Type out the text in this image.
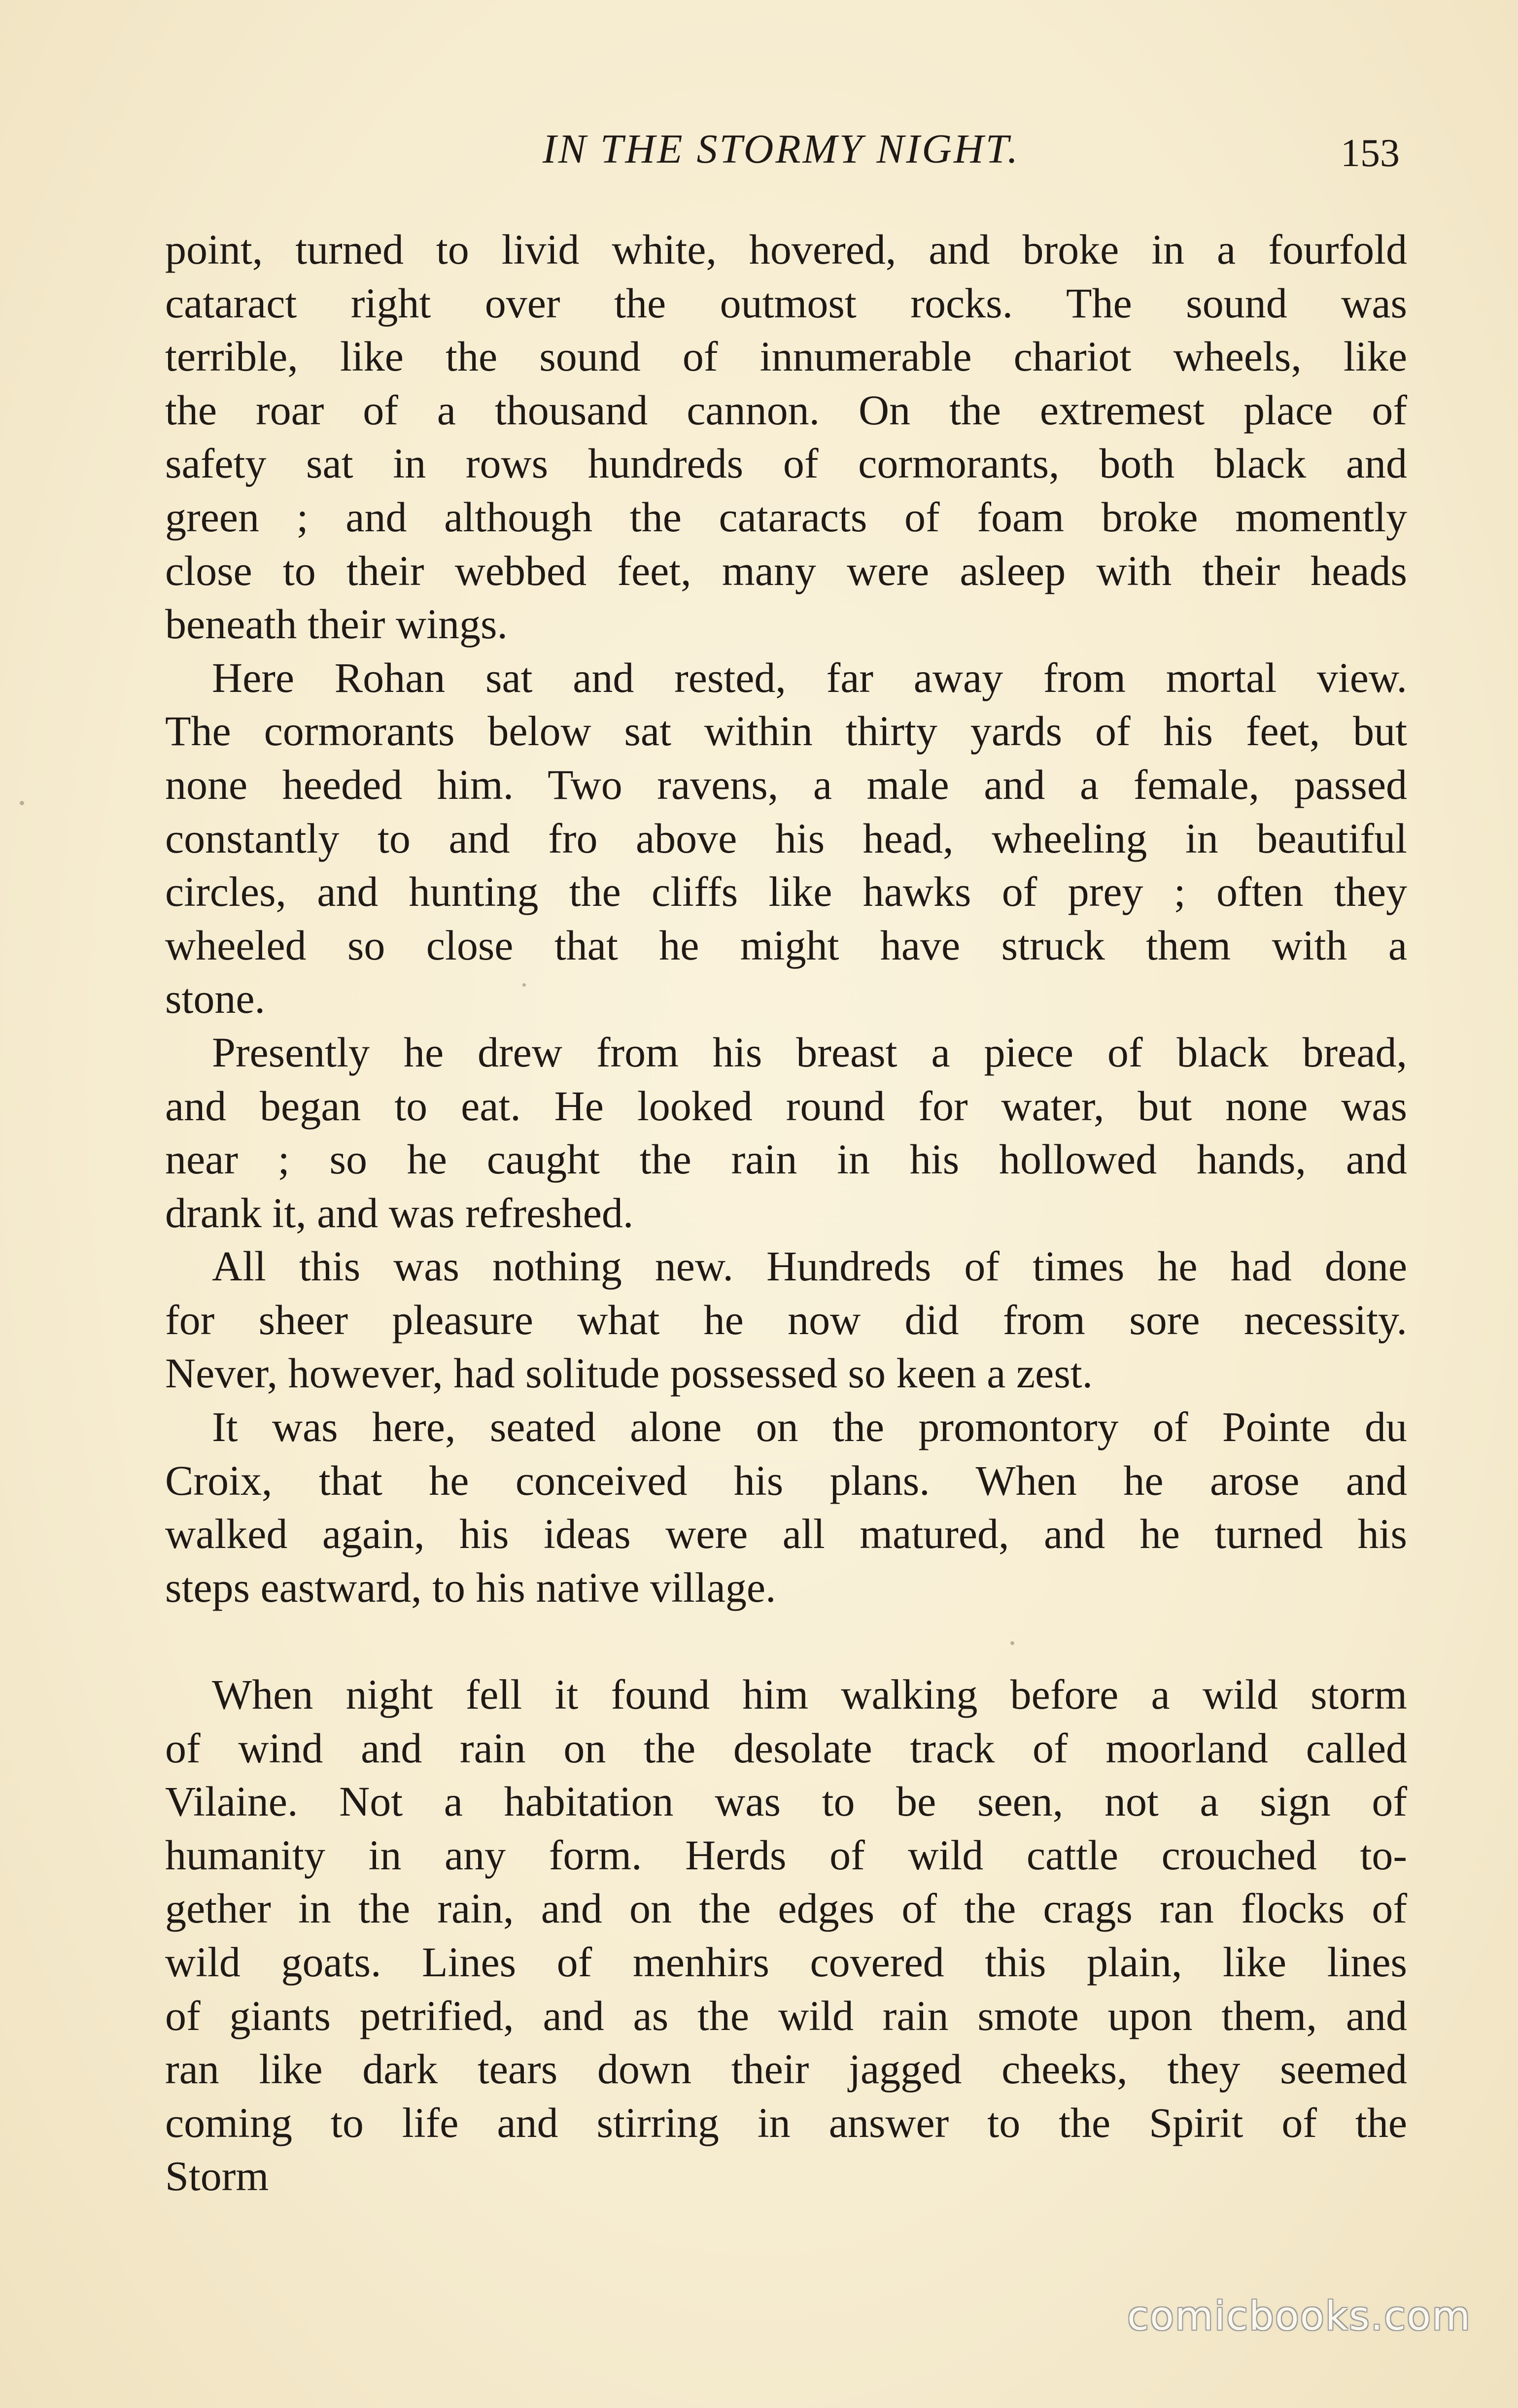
IN THE STORMY NIGHT.	153
point, turned to livid white, hovered, and broke in a fourfold
cataract right over the outmost rocks. The sound was
terrible, like the sound of innumerable chariot wheels, like
the roar of a thousand cannon. On the extremest place of
safety sat in rows hundreds of cormorants, both black and
green ; and although the cataracts of foam broke momently
close to their webbed feet, many were asleep with their heads
beneath their wings.
Here Rohan sat and rested, far away from mortal view.
The cormorants below sat within thirty yards of his feet, but
none heeded him. Two ravens, a male and a female, passed
constantly to and fro above his head, wheeling in beautiful
circles, and hunting the cliffs like hawks of prey ; often they
wheeled so close that he might have struck them with a
stone.
Presently he drew from his breast a piece of black bread,
and began to eat. He looked round for water, but none was
near ; so he caught the rain in his hollowed hands, and
drank it, and was refreshed.
All this was nothing new. Hundreds of times he had done
for sheer pleasure what he now did from sore necessity.
Never, however, had solitude possessed so keen a zest.
It was here, seated alone on the promontory of Pointe du
Croix, that he conceived his plans. When he arose and
walked again, his ideas were all matured, and he turned his
steps eastward, to his native village.
When night fell it found him walking before a wild storm
of wind and rain on the desolate track of moorland called
Vilaine. Not a habitation was to be seen, not a sign of
humanity in any form. Herds of wild cattle crouched to-
gether in the rain, and on the edges of the crags ran flocks of
wild goats. Lines of menhirs covered this plain, like lines
of giants petrified, and as the wild rain smote upon them, and
ran like dark tears down their jagged cheeks, they seemed
coming to life and stirring in answer to the Spirit of the
Storm
comicbooks.com
